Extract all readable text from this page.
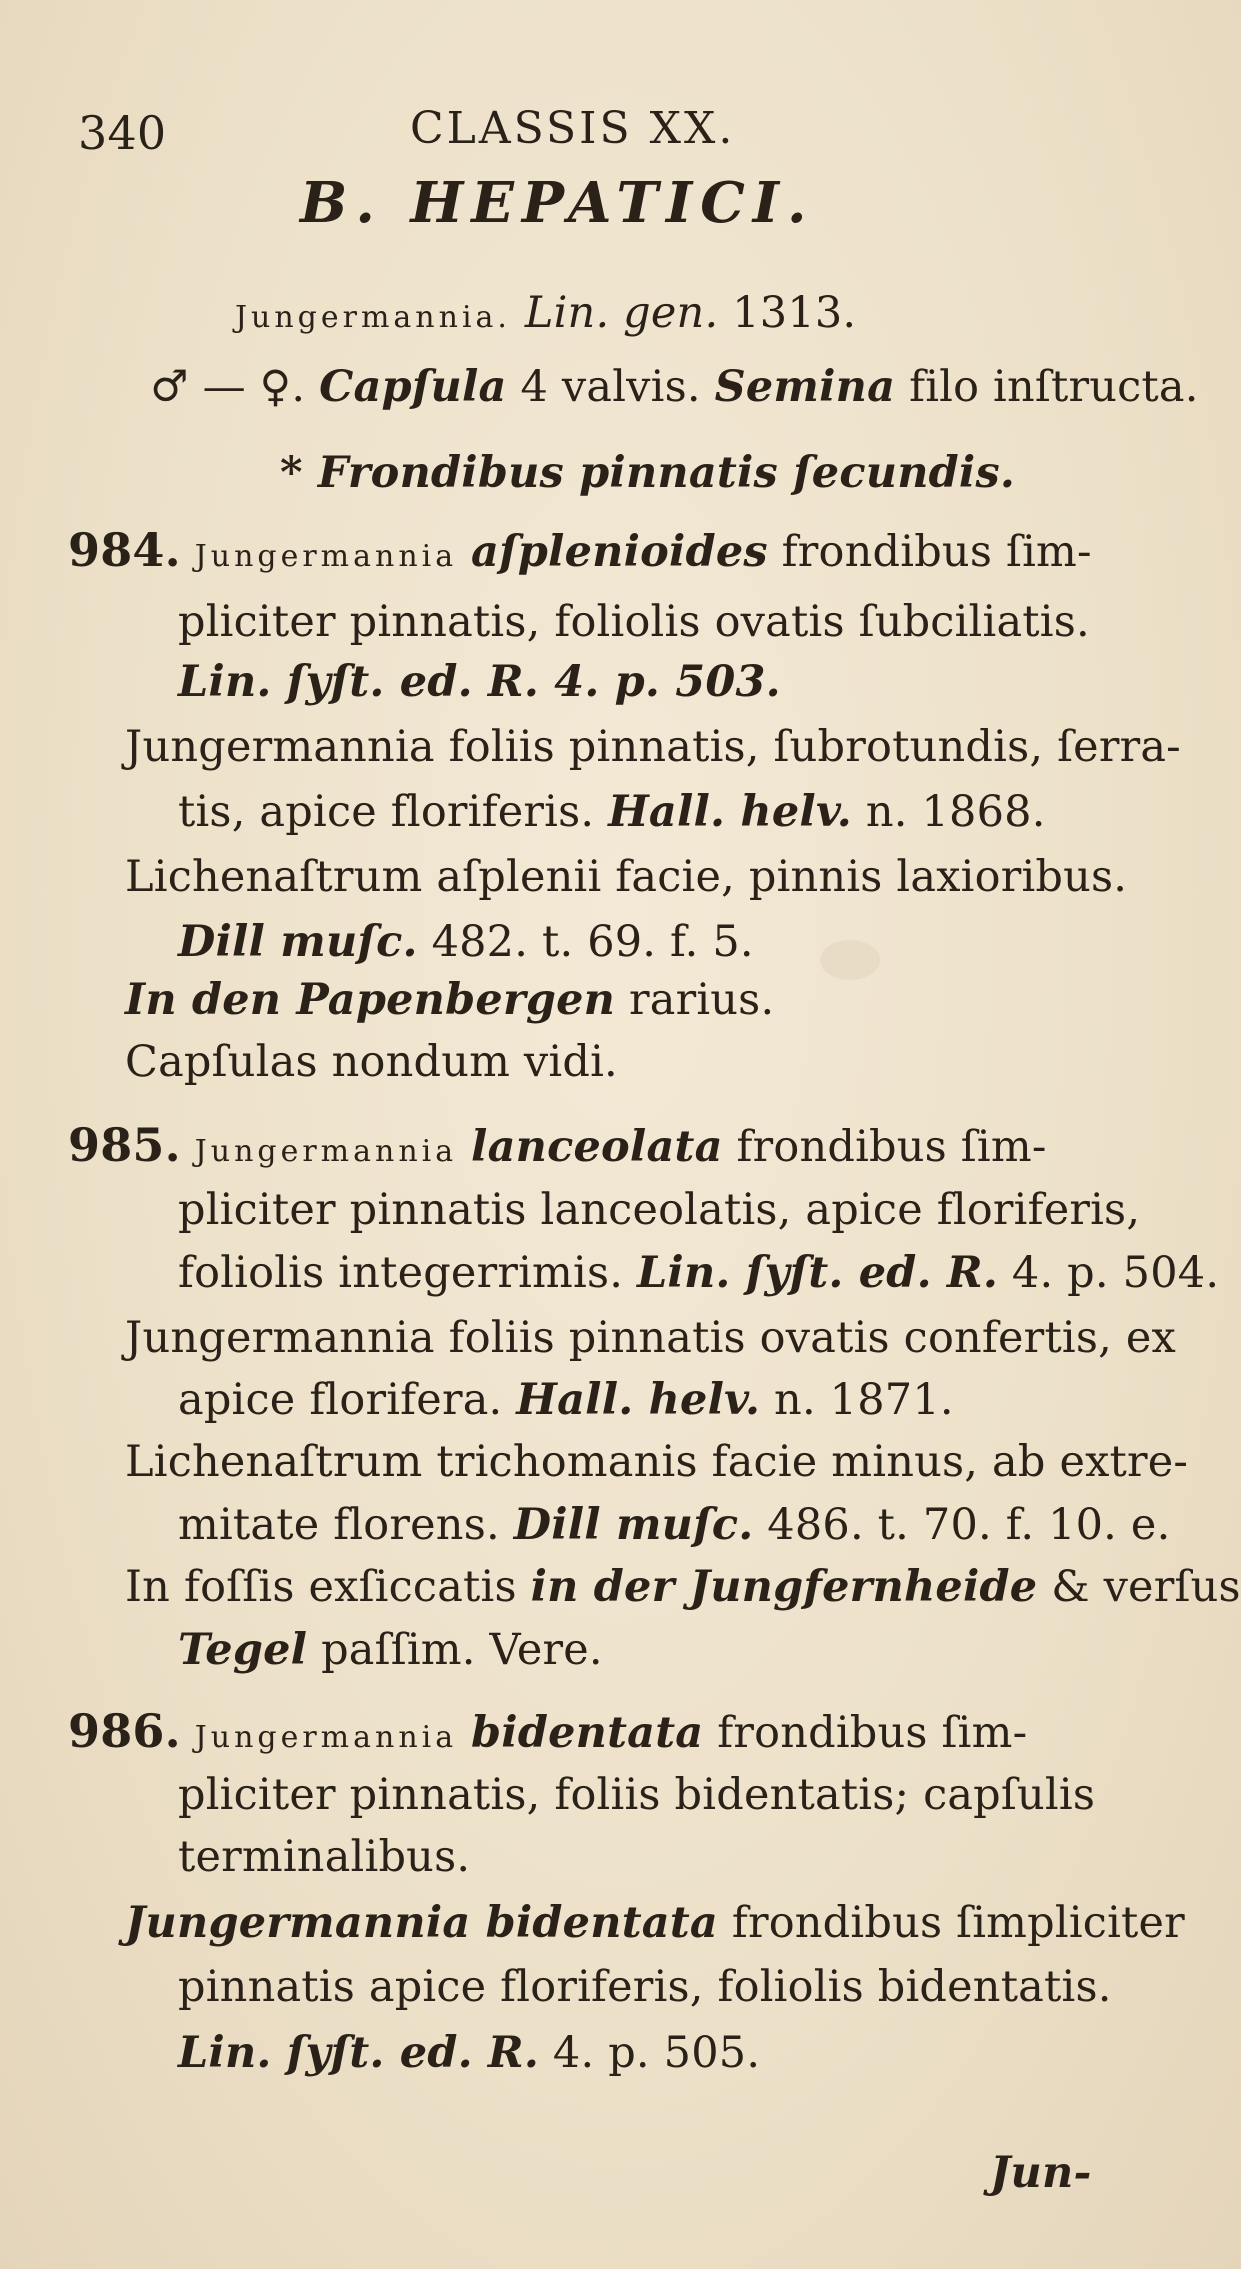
340	CLASSIS XX.
B. HEPATICI.
Jungermannia. Lin. gen. 1313.
♂ — ♀. Capſula 4 valvis. Semina filo inſtructa.
* Frondibus pinnatis ſecundis.
984. Jungermannia aſplenioides frondibus ſim-
pliciter pinnatis, foliolis ovatis ſubciliatis.
Lin. ſyſt. ed. R. 4. p. 503.
Jungermannia foliis pinnatis, ſubrotundis, ſerra-
tis, apice floriferis. Hall. helv. n. 1868.
Lichenaſtrum aſplenii facie, pinnis laxioribus.
Dill muſc. 482. t. 69. f. 5.
In den Papenbergen rarius.
Capſulas nondum vidi.
985. Jungermannia lanceolata frondibus ſim-
pliciter pinnatis lanceolatis, apice floriferis,
foliolis integerrimis. Lin. ſyſt. ed. R. 4. p. 504.
Jungermannia foliis pinnatis ovatis confertis, ex
apice florifera. Hall. helv. n. 1871.
Lichenaſtrum trichomanis facie minus, ab extre-
mitate florens. Dill muſc. 486. t. 70. f. 10. e.
In foſſis exſiccatis in der Jungfernheide & verſus
Tegel paſſim. Vere.
986. Jungermannia bidentata frondibus ſim-
pliciter pinnatis, foliis bidentatis; capſulis
terminalibus.
Jungermannia bidentata frondibus ſimpliciter
pinnatis apice floriferis, foliolis bidentatis.
Lin. ſyſt. ed. R. 4. p. 505.
Jun-
